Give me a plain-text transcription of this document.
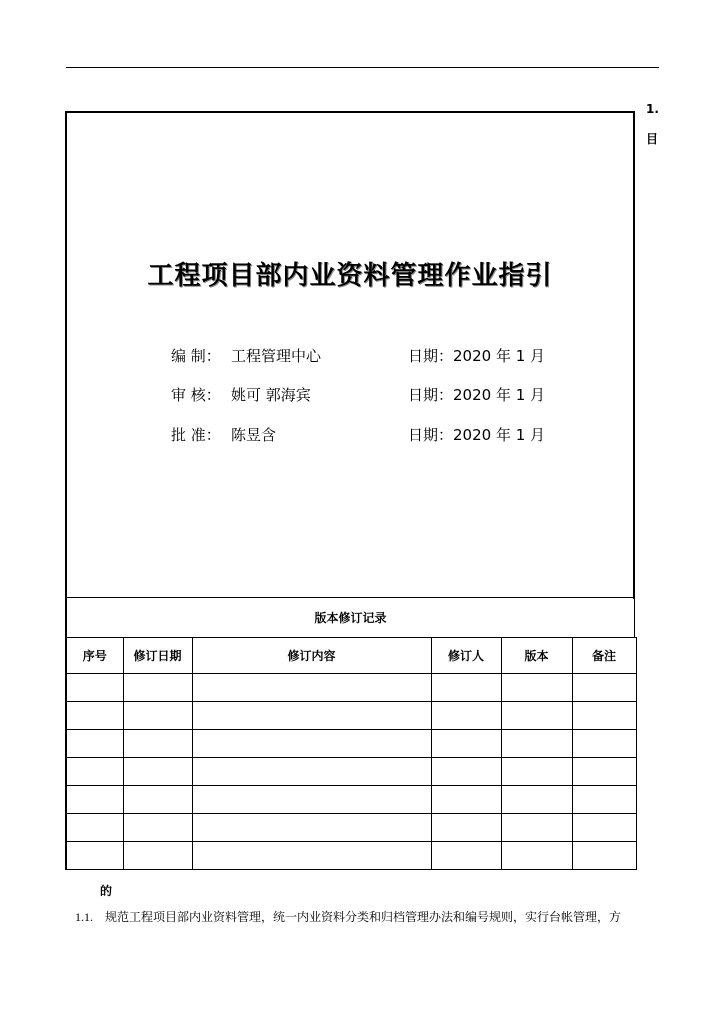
1.
目
工程项目部内业资料管理作业指引
编 制： 工程管理中心	日期：2020 年 1 月
审 核： 姚可 郭海宾	日期：2020 年 1 月
批 准： 陈昱含	日期：2020 年 1 月
版本修订记录
序号	修订日期	修订内容	修订人	版本	备注

的
1.1. 规范工程项目部内业资料管理，统一内业资料分类和归档管理办法和编号规则，实行台帐管理，方
